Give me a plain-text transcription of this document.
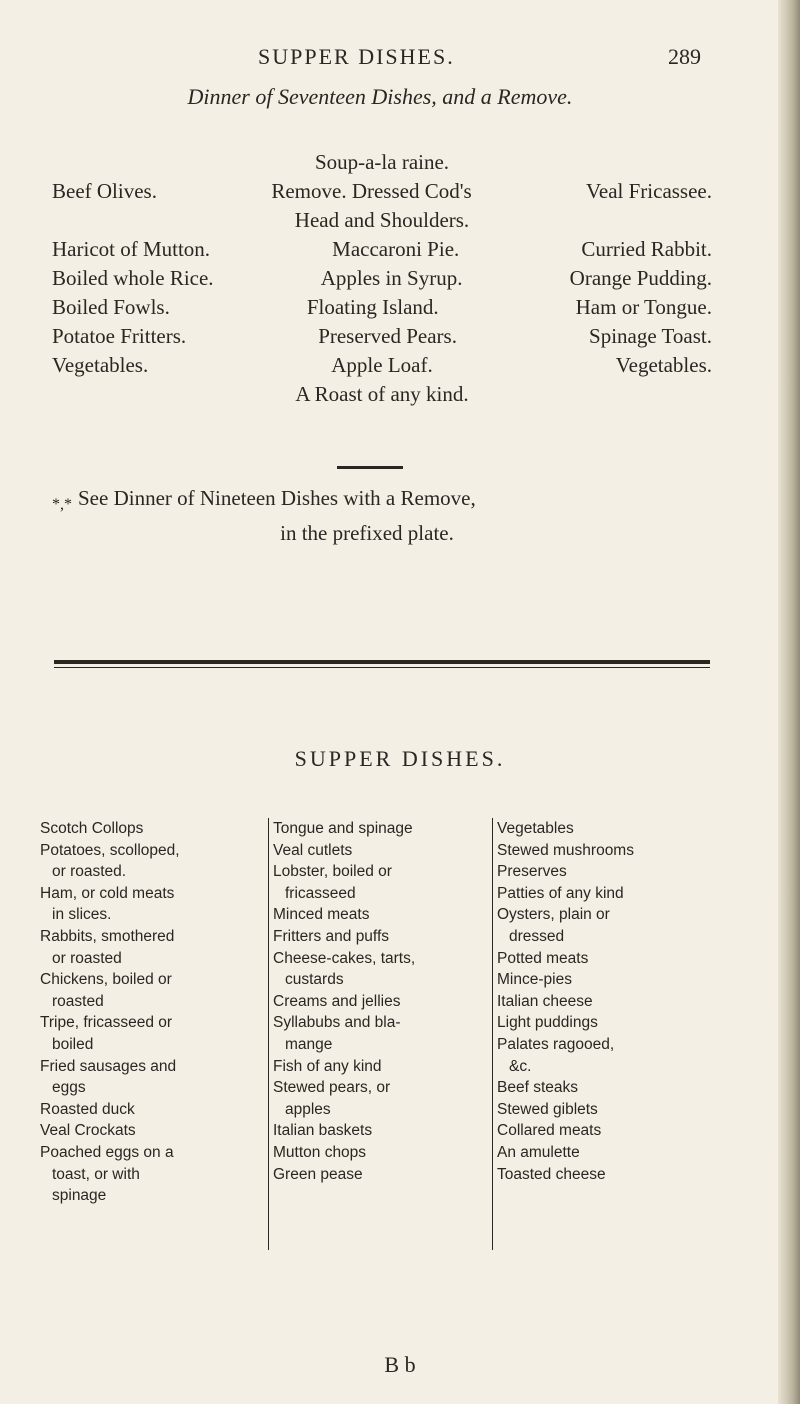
SUPPER DISHES.	289
Dinner of Seventeen Dishes, and a Remove.
Soup-a-la raine.
Beef Olives.	Remove. Dressed Cod's	Veal Fricassee.
Head and Shoulders.
Haricot of Mutton.	Maccaroni Pie.	Curried Rabbit.
Boiled whole Rice.	Apples in Syrup.	Orange Pudding.
Boiled Fowls.	Floating Island.	Ham or Tongue.
Potatoe Fritters.	Preserved Pears.	Spinage Toast.
Vegetables.	Apple Loaf.	Vegetables.
A Roast of any kind.
*,* See Dinner of Nineteen Dishes with a Remove,
in the prefixed plate.
SUPPER DISHES.
Scotch Collops
Potatoes, scolloped,
or roasted.
Ham, or cold meats
in slices.
Rabbits, smothered
or roasted
Chickens, boiled or
roasted
Tripe, fricasseed or
boiled
Fried sausages and
eggs
Roasted duck
Veal Crockats
Poached eggs on a
toast, or with
spinage
Tongue and spinage
Veal cutlets
Lobster, boiled or
fricasseed
Minced meats
Fritters and puffs
Cheese-cakes, tarts,
custards
Creams and jellies
Syllabubs and bla-
mange
Fish of any kind
Stewed pears, or
apples
Italian baskets
Mutton chops
Green pease
Vegetables
Stewed mushrooms
Preserves
Patties of any kind
Oysters, plain or
dressed
Potted meats
Mince-pies
Italian cheese
Light puddings
Palates ragooed,
&c.
Beef steaks
Stewed giblets
Collared meats
An amulette
Toasted cheese
B b
